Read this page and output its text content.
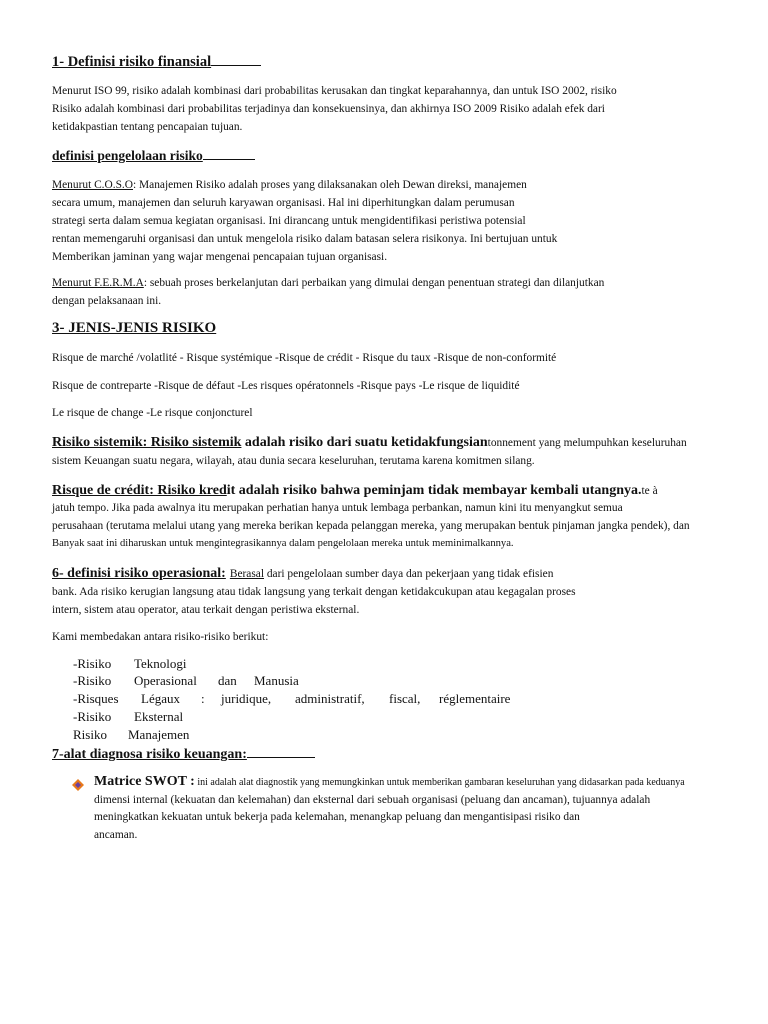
1- Definisi risiko finansial
Menurut ISO 99, risiko adalah kombinasi dari probabilitas kerusakan dan tingkat keparahannya, dan untuk ISO 2002, risiko
Risiko adalah kombinasi dari probabilitas terjadinya dan konsekuensinya, dan akhirnya ISO 2009 Risiko adalah efek dari
ketidakpastian tentang pencapaian tujuan.
definisi pengelolaan risiko
Menurut C.O.S.O: Manajemen Risiko adalah proses yang dilaksanakan oleh Dewan direksi, manajemen
secara umum, manajemen dan seluruh karyawan organisasi. Hal ini diperhitungkan dalam perumusan
strategi serta dalam semua kegiatan organisasi. Ini dirancang untuk mengidentifikasi peristiwa potensial
rentan memengaruhi organisasi dan untuk mengelola risiko dalam batasan selera risikonya. Ini bertujuan untuk
Memberikan jaminan yang wajar mengenai pencapaian tujuan organisasi.
Menurut F.E.R.M.A: sebuah proses berkelanjutan dari perbaikan yang dimulai dengan penentuan strategi dan dilanjutkan
dengan pelaksanaan ini.
3- JENIS-JENIS RISIKO
Risque de marché /volatlité - Risque systémique -Risque de crédit - Risque du taux -Risque de non-conformité
Risque de contreparte -Risque de défaut -Les risques opératonnels -Risque pays -Le risque de liquidité
Le risque de change -Le risque conjoncturel
Risiko sistemik: Risiko sistemik adalah risiko dari suatu ketidakfungsiantonnement yang melumpuhkan keseluruhan
sistem Keuangan suatu negara, wilayah, atau dunia secara keseluruhan, terutama karena komitmen silang.
Risque de crédit: Risiko kredit adalah risiko bahwa peminjam tidak membayar kembali utangnya.te à
jatuh tempo. Jika pada awalnya itu merupakan perhatian hanya untuk lembaga perbankan, namun kini itu menyangkut semua
perusahaan (terutama melalui utang yang mereka berikan kepada pelanggan mereka, yang merupakan bentuk pinjaman jangka pendek), dan
Banyak saat ini diharuskan untuk mengintegrasikannya dalam pengelolaan mereka untuk meminimalkannya.
6- definisi risiko operasional: Berasal dari pengelolaan sumber daya dan pekerjaan yang tidak efisien
bank. Ada risiko kerugian langsung atau tidak langsung yang terkait dengan ketidakcukupan atau kegagalan proses
intern, sistem atau operator, atau terkait dengan peristiwa eksternal.
Kami membedakan antara risiko-risiko berikut:
-Risiko Teknologi
-Risiko Operasional dan Manusia
-Risques Légaux : juridique, administratif, fiscal, réglementaire
-Risiko Eksternal
Risiko Manajemen
7-alat diagnosa risiko keuangan:
Matrice SWOT : ini adalah alat diagnostik yang memungkinkan untuk memberikan gambaran keseluruhan yang didasarkan pada keduanya
dimensi internal (kekuatan dan kelemahan) dan eksternal dari sebuah organisasi (peluang dan ancaman), tujuannya adalah
meningkatkan kekuatan untuk bekerja pada kelemahan, menangkap peluang dan mengantisipasi risiko dan
ancaman.
